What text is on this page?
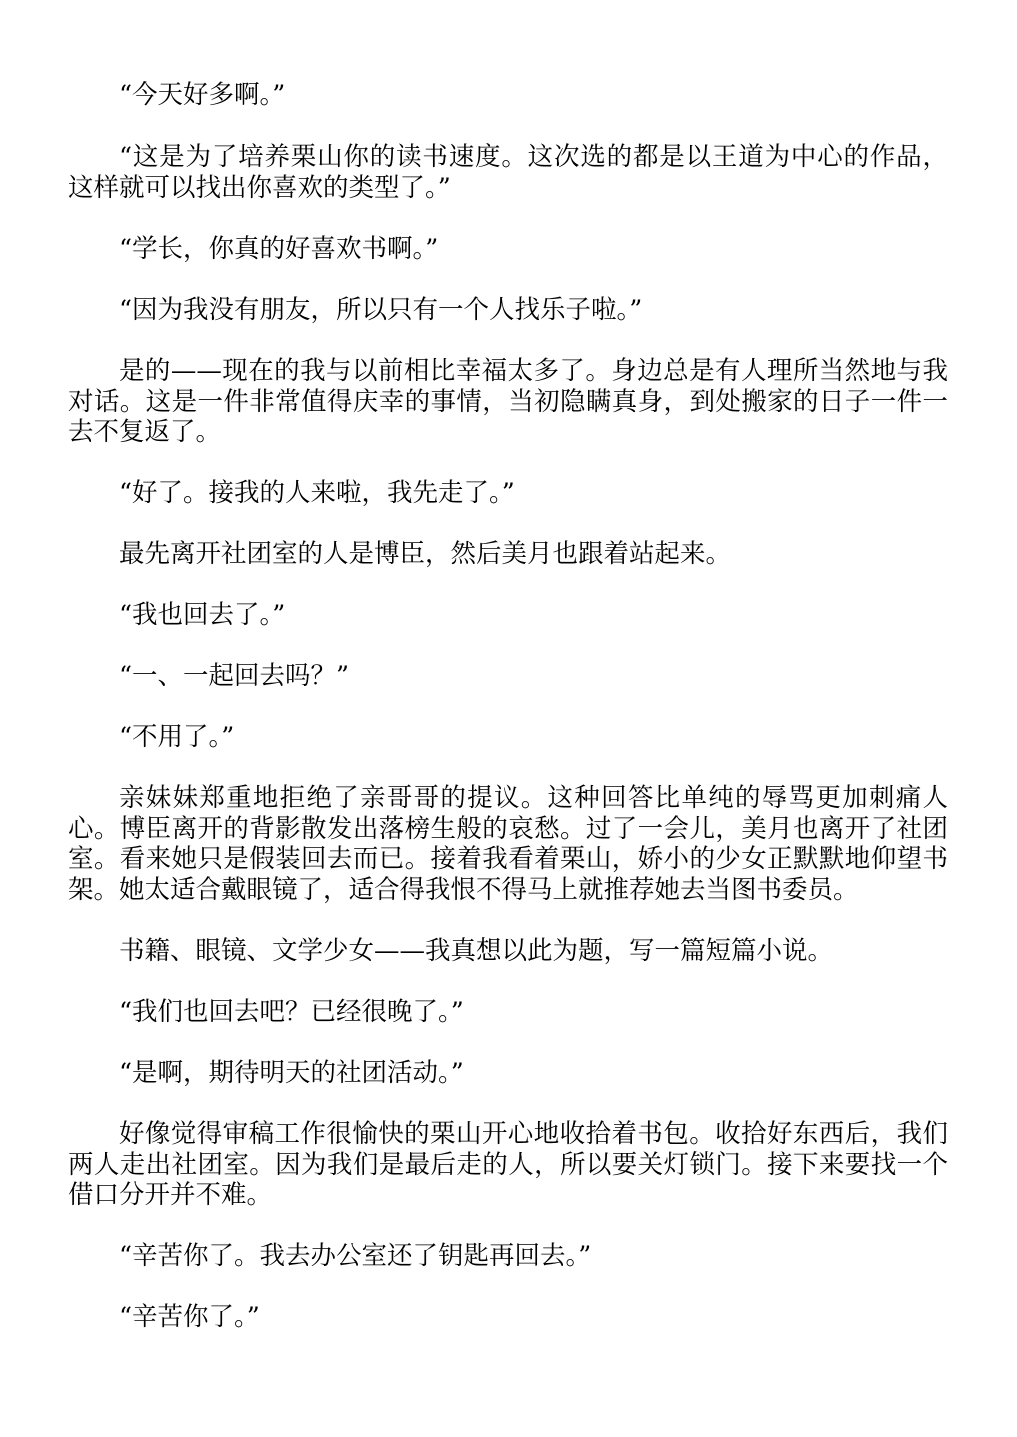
“今天好多啊。”

“这是为了培养栗山你的读书速度。这次选的都是以王道为中心的作品，这样就可以找出你喜欢的类型了。”

“学长，你真的好喜欢书啊。”

“因为我没有朋友，所以只有一个人找乐子啦。”

是的——现在的我与以前相比幸福太多了。身边总是有人理所当然地与我对话。这是一件非常值得庆幸的事情，当初隐瞒真身，到处搬家的日子一件一去不复返了。

“好了。接我的人来啦，我先走了。”

最先离开社团室的人是博臣，然后美月也跟着站起来。

“我也回去了。”

“一、一起回去吗？”

“不用了。”

亲妹妹郑重地拒绝了亲哥哥的提议。这种回答比单纯的辱骂更加刺痛人心。博臣离开的背影散发出落榜生般的哀愁。过了一会儿，美月也离开了社团室。看来她只是假装回去而已。接着我看着栗山，娇小的少女正默默地仰望书架。她太适合戴眼镜了，适合得我恨不得马上就推荐她去当图书委员。

书籍、眼镜、文学少女——我真想以此为题，写一篇短篇小说。

“我们也回去吧？已经很晚了。”

“是啊，期待明天的社团活动。”

好像觉得审稿工作很愉快的栗山开心地收拾着书包。收拾好东西后，我们两人走出社团室。因为我们是最后走的人，所以要关灯锁门。接下来要找一个借口分开并不难。

“辛苦你了。我去办公室还了钥匙再回去。”

“辛苦你了。”
